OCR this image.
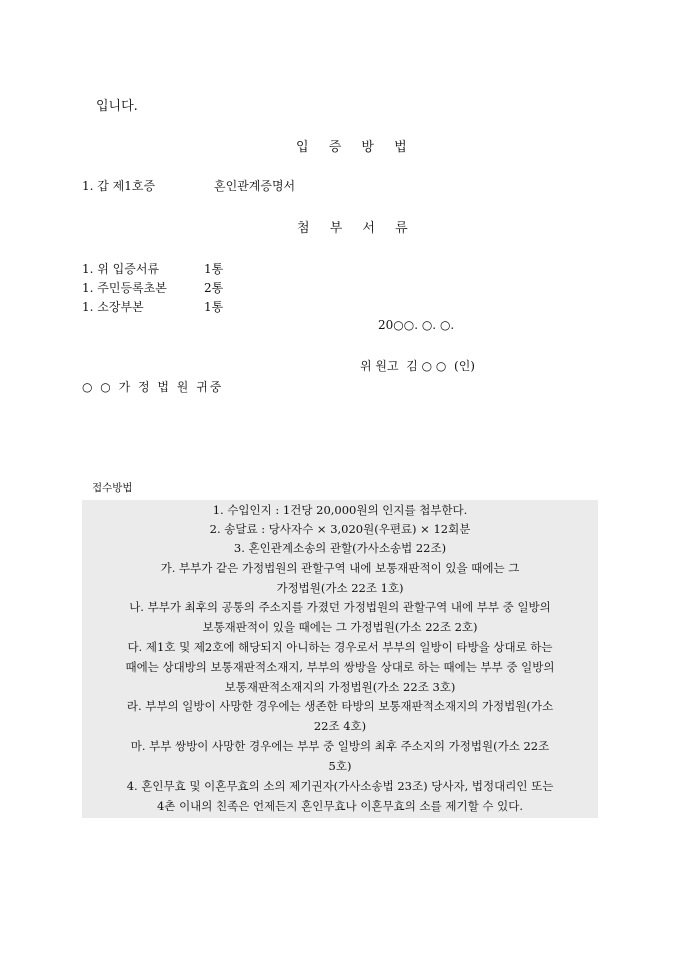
입니다.
입 증 방 법
1. 갑 제1호증	혼인관계증명서
첨 부 서 류
1. 위 입증서류	1통
1. 주민등록초본	2통
1. 소장부본	1통
20○○. ○. ○.
위 원고  김 ○ ○  (인)
○ ○ 가 정 법 원 귀중
접수방법
1. 수입인지 : 1건당 20,000원의 인지를 첩부한다.
2. 송달료 : 당사자수 × 3,020원(우편료) × 12회분
3. 혼인관계소송의 관할(가사소송법 22조)
가. 부부가 같은 가정법원의 관할구역 내에 보통재판적이 있을 때에는 그
가정법원(가소 22조 1호)
나. 부부가 최후의 공통의 주소지를 가졌던 가정법원의 관할구역 내에 부부 중 일방의
보통재판적이 있을 때에는 그 가정법원(가소 22조 2호)
다. 제1호 및 제2호에 해당되지 아니하는 경우로서 부부의 일방이 타방을 상대로 하는
때에는 상대방의 보통재판적소재지, 부부의 쌍방을 상대로 하는 때에는 부부 중 일방의
보통재판적소재지의 가정법원(가소 22조 3호)
라. 부부의 일방이 사망한 경우에는 생존한 타방의 보통재판적소재지의 가정법원(가소
22조 4호)
마. 부부 쌍방이 사망한 경우에는 부부 중 일방의 최후 주소지의 가정법원(가소 22조
5호)
4. 혼인무효 및 이혼무효의 소의 제기권자(가사소송법 23조) 당사자, 법정대리인 또는
4촌 이내의 친족은 언제든지 혼인무효나 이혼무효의 소를 제기할 수 있다.
